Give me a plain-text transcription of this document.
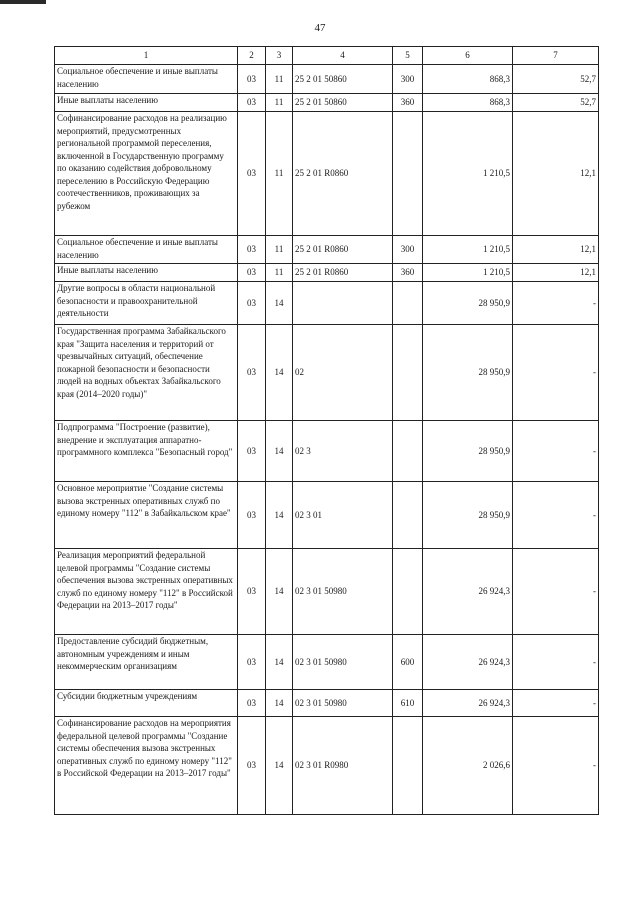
47
1	2	3	4	5	6	7
Социальное обеспечение и иные выплаты населению	03	11	25 2 01 50860	300	868,3	52,7
Иные выплаты населению	03	11	25 2 01 50860	360	868,3	52,7
Софинансирование расходов на реализацию мероприятий, предусмотренных региональной программой переселения, включенной в Государственную программу по оказанию содействия добровольному переселению в Российскую Федерацию соотечественников, проживающих за рубежом	03	11	25 2 01 R0860		1 210,5	12,1
Социальное обеспечение и иные выплаты населению	03	11	25 2 01 R0860	300	1 210,5	12,1
Иные выплаты населению	03	11	25 2 01 R0860	360	1 210,5	12,1
Другие вопросы в области национальной безопасности и правоохранительной деятельности	03	14			28 950,9	-
Государственная программа Забайкальского края "Защита населения и территорий от чрезвычайных ситуаций, обеспечение пожарной безопасности и безопасности людей на водных объектах Забайкальского края (2014–2020 годы)"	03	14	02		28 950,9	-
Подпрограмма "Построение (развитие), внедрение и эксплуатация аппаратно-программного комплекса "Безопасный город"	03	14	02 3		28 950,9	-
Основное мероприятие "Создание системы вызова экстренных оперативных служб по единому номеру "112" в Забайкальском крае"	03	14	02 3 01		28 950,9	-
Реализация мероприятий федеральной целевой программы "Создание системы обеспечения вызова экстренных оперативных служб по единому номеру "112" в Российской Федерации на 2013–2017 годы"	03	14	02 3 01 50980		26 924,3	-
Предоставление субсидий бюджетным, автономным учреждениям и иным некоммерческим организациям	03	14	02 3 01 50980	600	26 924,3	-
Субсидии бюджетным учреждениям	03	14	02 3 01 50980	610	26 924,3	-
Софинансирование расходов на мероприятия федеральной целевой программы "Создание системы обеспечения вызова экстренных оперативных служб по единому номеру "112" в Российской Федерации на 2013–2017 годы"	03	14	02 3 01 R0980		2 026,6	-
